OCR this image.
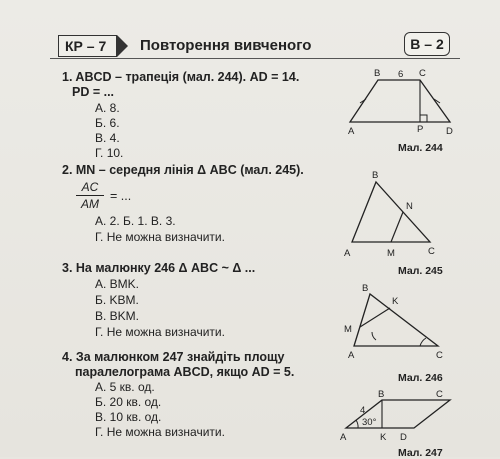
КР – 7	Повторення вивченого	В – 2
1. ABCD – трапеція (мал. 244). AD = 14.
PD = ...
А. 8.
Б. 6.
В. 4.
Г. 10.
2. MN – середня лінія Δ ABC (мал. 245).
AC
AM
= ...
А. 2. Б. 1. В. 3.
Г. Не можна визначити.
3. На малюнку 246 Δ ABC ~ Δ ...
А. BMK.
Б. KBM.
В. BKM.
Г. Не можна визначити.
4. За малюнком 247 знайдіть площу
паралелограма ABCD, якщо AD = 5.
А. 5 кв. од.
Б. 20 кв. од.
В. 10 кв. од.
Г. Не можна визначити.
B 6 C
A	P D
Мал. 244
B
N
A	M	C
Мал. 245
B
K
M
A	C
Мал. 246
B	C
4
30°
A	K D
Мал. 247
